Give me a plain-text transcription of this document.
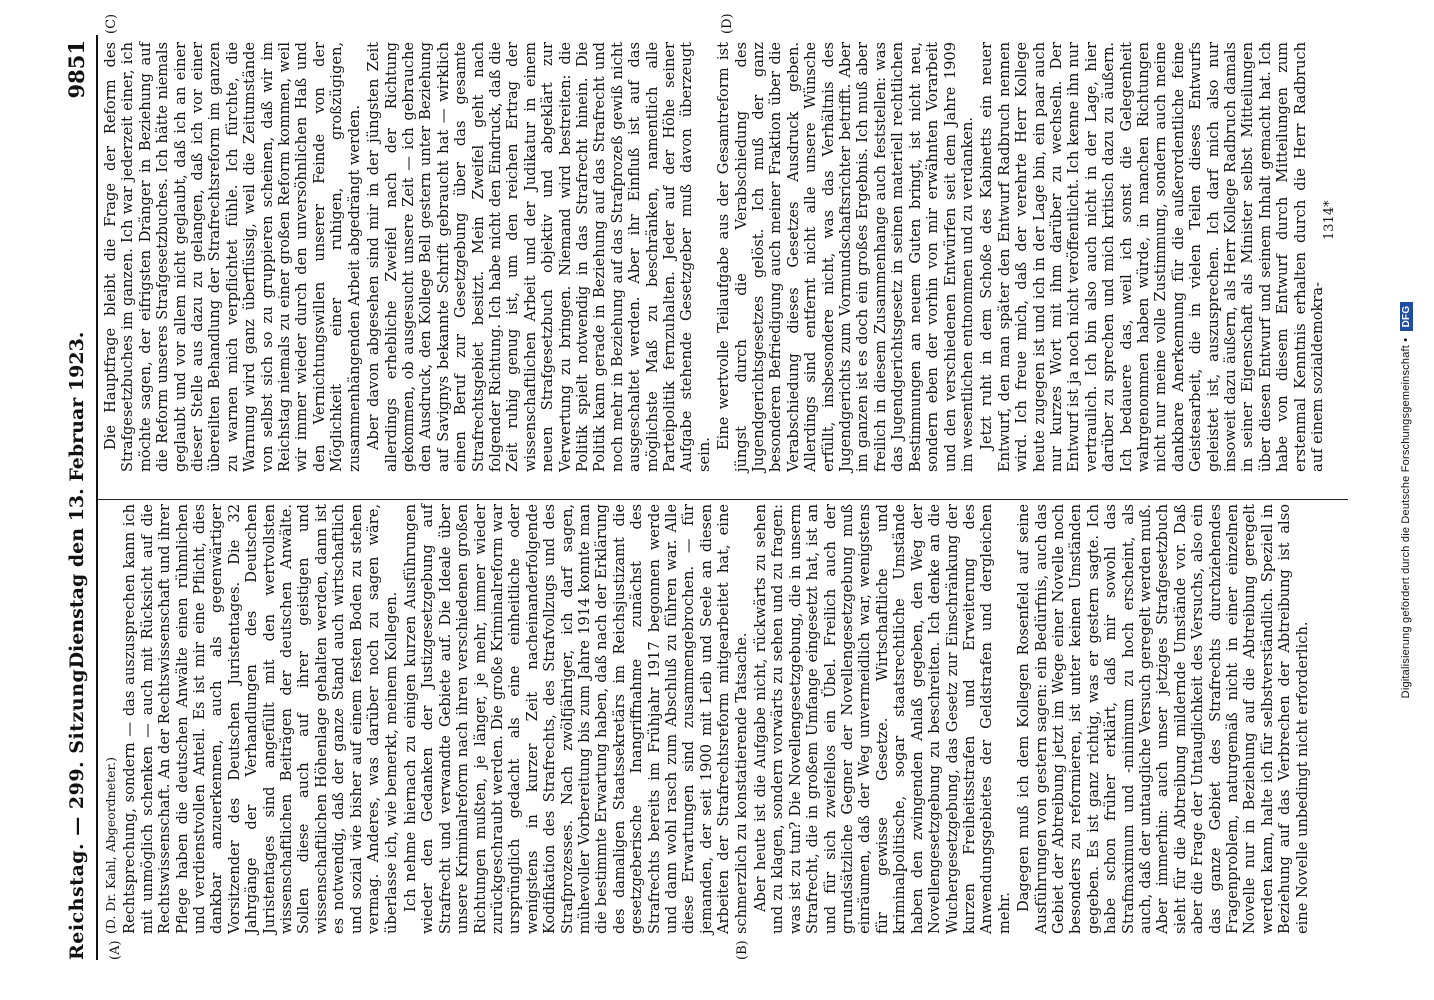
Reichstag. — 299. Sitzung.
Dienstag den 13. Februar 1923.
9851
(A)	(B)
(C)	(D)
(D. Dr. Kahl, Abgeordneter.) Rechtsprechung, sondern — das auszusprechen kann ich mit unmöglich schenken — auch mit Rücksicht auf die Rechtswissenschaft. An der Rechtswissenschaft und ihrer Pflege haben die deutschen Anwälte einen rühmlichen und verdienstvollen Anteil. Es ist mir eine Pflicht, dies dankbar anzuerkennen, auch als gegenwärtiger Vorsitzender des Deutschen Juristentages. Die 32 Jahrgänge der Verhandlungen des Deutschen Juristentages sind angefüllt mit den wertvollsten wissenschaftlichen Beiträgen der deutschen Anwälte. Sollen diese auch auf ihrer geistigen und wissenschaftlichen Höhenlage gehalten werden, dann ist es notwendig, daß der ganze Stand auch wirtschaftlich und sozial wie bisher auf einem festen Boden zu stehen vermag. Anderes, was darüber noch zu sagen wäre, überlasse ich, wie bemerkt, meinem Kollegen. Ich nehme hiernach zu einigen kurzen Ausführungen wieder den Gedanken der Justizgesetzgebung auf Strafrecht und verwandte Gebiete auf. Die Ideale über unsere Kriminalreform nach ihren verschiedenen großen Richtungen mußten, je länger, je mehr, immer wieder zurückgeschraubt werden. Die große Kriminalreform war ursprünglich gedacht als eine einheitliche oder wenigstens in kurzer Zeit nacheinanderfolgende Kodifikation des Strafrechts, des Strafvollzugs und des Strafprozesses. Nach zwölfjähriger, ich darf sagen, mühevoller Vorbereitung bis zum Jahre 1914 konnte man die bestimmte Erwartung haben, daß nach der Erklärung des damaligen Staatssekretärs im Reichsjustizamt die gesetzgeberische Inangriffnahme zunächst des Strafrechts bereits im Frühjahr 1917 begonnen werde und dann wohl rasch zum Abschluß zu führen war. Alle diese Erwartungen sind zusammengebrochen. — für jemanden, der seit 1900 mit Leib und Seele an diesen Arbeiten der Strafrechtsreform mitgearbeitet hat, eine schmerzlich zu konstatierende Tatsache. Aber heute ist die Aufgabe nicht, rückwärts zu sehen und zu klagen, sondern vorwärts zu sehen und zu fragen: was ist zu tun? Die Novellengesetzgebung, die in unserm Strafrecht, die in großem Umfange eingesetzt hat, ist an und für sich zweifellos ein Übel. Freilich auch der grundsätzliche Gegner der Novellengesetzgebung muß einräumen, daß der Weg unvermeidlich war, wenigstens für gewisse Gesetze. Wirtschaftliche und kriminalpolitische, sogar staatsrechtliche Umstände haben den zwingenden Anlaß gegeben, den Weg der Novellengesetzgebung zu beschreiten. Ich denke an die Wuchergesetzgebung, das Gesetz zur Einschränkung der kurzen Freiheitsstrafen und Erweiterung des Anwendungsgebietes der Geldstrafen und dergleichen mehr.

Dagegen muß ich dem Kollegen Rosenfeld auf seine Ausführungen von gestern sagen: ein Bedürfnis, auch das Gebiet der Abtreibung jetzt im Wege einer Novelle noch besonders zu reformieren, ist unter keinen Umständen gegeben. Es ist ganz richtig, was er gestern sagte. Ich habe schon früher erklärt, daß mir sowohl das Strafmaximum und -minimum zu hoch erscheint, als auch, daß der untaugliche Versuch geregelt werden muß. Aber immerhin: auch unser jetziges Strafgesetzbuch sieht für die Abtreibung mildernde Umstände vor. Daß aber die Frage der Untauglichkeit des Versuchs, also ein das ganze Gebiet des Strafrechts durchziehendes Fragenproblem, naturgemäß nicht in einer einzelnen Novelle nur in Beziehung auf die Abtreibung geregelt werden kann, halte ich für selbstverständlich. Speziell in Beziehung auf das Verbrechen der Abtreibung ist also eine Novelle unbedingt nicht erforderlich.

Die Hauptfrage bleibt die Frage der Reform des Strafgesetzbuches im ganzen. Ich war jederzeit einer, ich möchte sagen, der eifrigsten Dränger in Beziehung auf die Reform unseres Strafgesetzbuches. Ich hätte niemals geglaubt und vor allem nicht geglaubt, daß ich an einer dieser Stelle aus dazu zu gelangen, daß ich vor einer übereilten Behandlung der Strafrechtsreform im ganzen zu warnen mich verpflichtet fühle. Ich fürchte, die Warnung wird ganz überflüssig, weil die Zeitumstände von selbst sich so zu gruppieren scheinen, daß wir im Reichstag niemals zu einer großen Reform kommen, weil wir immer wieder durch den unversöhnlichen Haß und den Vernichtungswillen unserer Feinde von der Möglichkeit einer ruhigen, großzügigen, zusammenhängenden Arbeit abgedrängt werden. Aber davon abgesehen sind mir in der jüngsten Zeit allerdings erhebliche Zweifel nach der Richtung gekommen, ob ausgesucht unsere Zeit — ich gebrauche den Ausdruck, den Kollege Bell gestern unter Beziehung auf Savignys bekannte Schrift gebraucht hat — wirklich einen Beruf zur Gesetzgebung über das gesamte Strafrechtsgebiet besitzt. Mein Zweifel geht nach folgender Richtung. Ich habe nicht den Eindruck, daß die Zeit ruhig genug ist, um den reichen Ertrag der wissenschaftlichen Arbeit und der Judikatur in einem neuen Strafgesetzbuch objektiv und abgeklärt zur Verwertung zu bringen. Niemand wird bestreiten: die Politik spielt notwendig in das Strafrecht hinein. Die Politik kann gerade in Beziehung auf das Strafrecht und noch mehr in Beziehung auf das Strafprozeß gewiß nicht ausgeschaltet werden. Aber ihr Einfluß ist auf das möglichste Maß zu beschränken, namentlich alle Parteipolitik fernzuhalten. Jeder auf der Höhe seiner Aufgabe stehende Gesetzgeber muß davon überzeugt sein.

Eine wertvolle Teilaufgabe aus der Gesamtreform ist jüngst durch die Verabschiedung des Jugendgerichtsgesetzes gelöst. Ich muß der ganz besonderen Befriedigung auch meiner Fraktion über die Verabschiedung dieses Gesetzes Ausdruck geben. Allerdings sind entfernt nicht alle unsere Wünsche erfüllt, insbesondere nicht, was das Verhältnis des Jugendgerichts zum Vormundschaftsrichter betrifft. Aber im ganzen ist es doch ein großes Ergebnis. Ich muß aber freilich in diesem Zusammenhange auch feststellen: was das Jugendgerichtsgesetz in seinen materiell rechtlichen Bestimmungen an neuem Guten bringt, ist nicht neu, sondern eben der vorhin von mir erwähnten Vorarbeit und den verschiedenen Entwürfen seit dem Jahre 1909 im wesentlichen entnommen und zu verdanken. Jetzt ruht in dem Schoße des Kabinetts ein neuer Entwurf, den man später den Entwurf Radbruch nennen wird. Ich freue mich, daß der verehrte Herr Kollege heute zugegen ist und ich in der Lage bin, ein paar auch nur kurzes Wort mit ihm darüber zu wechseln. Der Entwurf ist ja noch nicht veröffentlicht. Ich kenne ihn nur vertraulich. Ich bin also auch nicht in der Lage, hier darüber zu sprechen und mich kritisch dazu zu äußern. Ich bedauere das, weil ich sonst die Gelegenheit wahrgenommen haben würde, in manchen Richtungen nicht nur meine volle Zustimmung, sondern auch meine dankbare Anerkennung für die außerordentliche feine Geistesarbeit, die in vielen Teilen dieses Entwurfs geleistet ist, auszusprechen. Ich darf mich also nur insoweit dazu äußern, als Herr Kollege Radbruch damals in seiner Eigenschaft als Minister selbst Mitteilungen über diesen Entwurf und seinem Inhalt gemacht hat. Ich habe von diesem Entwurf durch Mitteilungen zum erstenmal Kenntnis erhalten durch die Herr Radbruch auf einem sozialdemokra-

1314*
Digitalisierung gefördert durch die Deutsche Forschungsgemeinschaft • DFG
